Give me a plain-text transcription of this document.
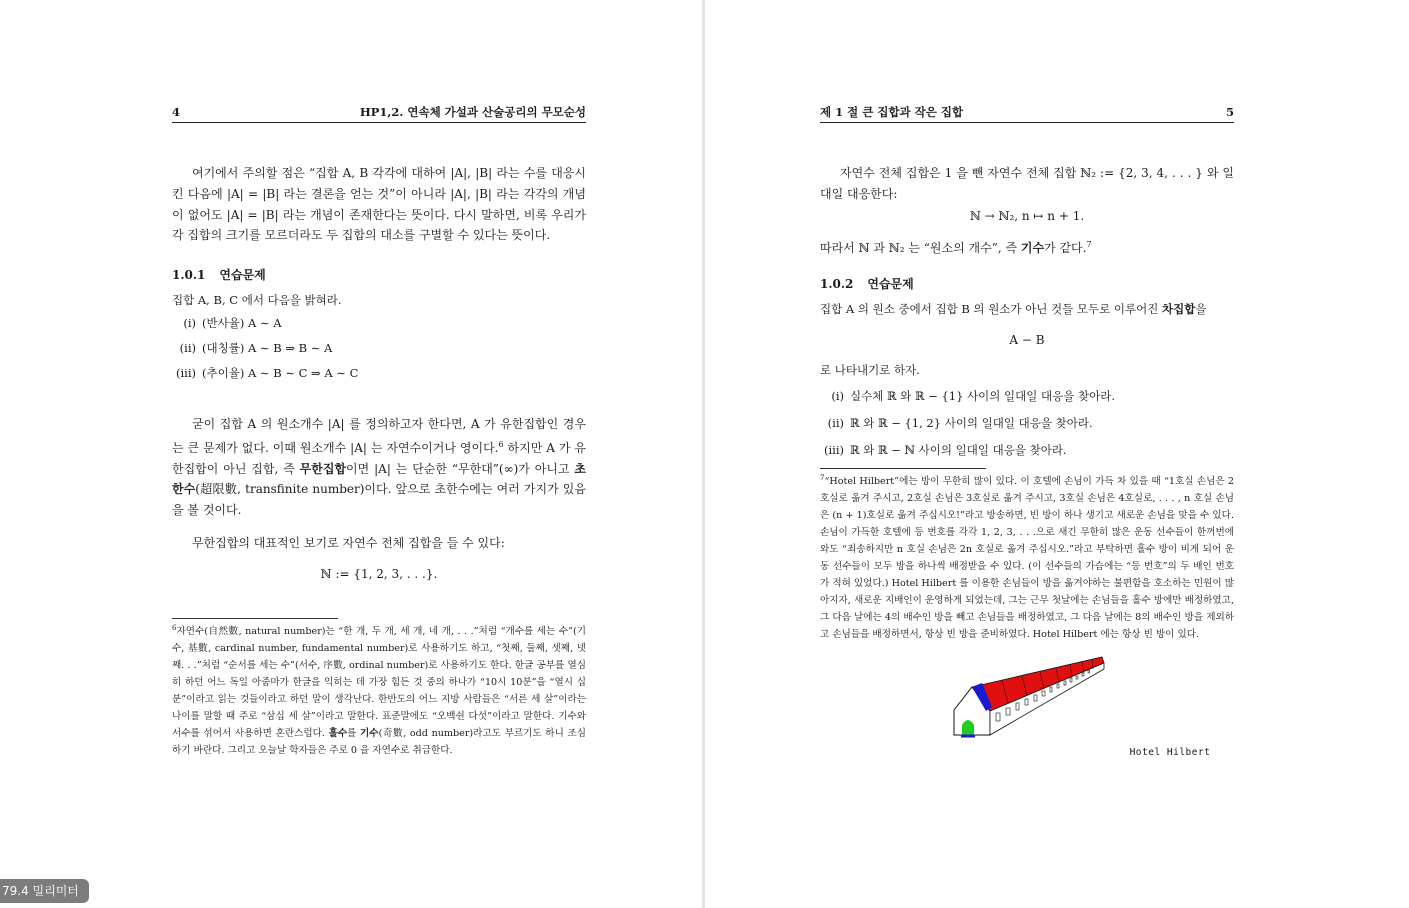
4	HP1,2. 연속체 가설과 산술공리의 무모순성

여기에서 주의할 점은 “집합 A, B 각각에 대하여 |A|, |B| 라는 수를 대응시킨 다음에 |A| = |B| 라는 결론을 얻는 것”이 아니라 |A|, |B| 라는 각각의 개념이 없어도 |A| = |B| 라는 개념이 존재한다는 뜻이다. 다시 말하면, 비록 우리가 각 집합의 크기를 모르더라도 두 집합의 대소를 구별할 수 있다는 뜻이다.

1.0.1 연습문제

집합 A, B, C 에서 다음을 밝혀라.

(i) (반사율) A ∼ A
(ii) (대칭률) A ∼ B ⇒ B ∼ A
(iii) (추이율) A ∼ B ∼ C ⇒ A ∼ C

굳이 집합 A 의 원소개수 |A| 를 정의하고자 한다면, A 가 유한집합인 경우는 큰 문제가 없다. 이때 원소개수 |A| 는 자연수이거나 영이다.$^6$ 하지만 A 가 유한집합이 아닌 집합, 즉 무한집합이면 |A| 는 단순한 “무한대”(∞)가 아니고 초한수(超限數, transfinite number)이다. 앞으로 초한수에는 여러 가지가 있음을 볼 것이다.

무한집합의 대표적인 보기로 자연수 전체 집합을 들 수 있다:

ℕ := {1, 2, 3, . . .}.

$^6$자연수(自然數, natural number)는 “한 개, 두 개, 세 개, 네 개, . . .”처럼 “개수를 세는 수”(기수, 基數, cardinal number, fundamental number)로 사용하기도 하고, “첫째, 둘째, 셋째, 넷째. . .”처럼 “순서를 세는 수”(서수, 序數, ordinal number)로 사용하기도 한다. 한글 공부를 열심히 하던 어느 독일 아줌마가 한글을 익히는 데 가장 힘든 것 중의 하나가 “10시 10분”을 “열시 십분”이라고 읽는 것들이라고 하던 말이 생각난다. 한반도의 어느 지방 사람들은 “서른 세 살”이라는 나이를 말할 때 주로 “삼십 세 살”이라고 말한다. 표준말에도 “오백쉰 다섯”이라고 말한다. 기수와 서수를 섞어서 사용하면 혼란스럽다. 홀수를 기수(奇數, odd number)라고도 부르기도 하니 조심하기 바란다. 그리고 오늘날 학자들은 주로 0 을 자연수로 취급한다.

제 1 절 큰 집합과 작은 집합	5

자연수 전체 집합은 1 을 뺀 자연수 전체 집합 ℕ₂ := {2, 3, 4, . . . } 와 일대일 대응한다:

ℕ → ℕ₂, n ↦ n + 1.

따라서 ℕ 과 ℕ₂ 는 “원소의 개수”, 즉 기수가 같다.$^7$

1.0.2 연습문제

집합 A 의 원소 중에서 집합 B 의 원소가 아닌 것들 모두로 이루어진 차집합을

A − B

로 나타내기로 하자.

(i) 실수체 ℝ 와 ℝ − {1} 사이의 일대일 대응을 찾아라.
(ii) ℝ 와 ℝ − {1, 2} 사이의 일대일 대응을 찾아라.
(iii) ℝ 와 ℝ − ℕ 사이의 일대일 대응을 찾아라.

$^7$“Hotel Hilbert”에는 방이 무한히 많이 있다. 이 호텔에 손님이 가득 차 있을 때 “1호실 손님은 2호실로 옮겨 주시고, 2호실 손님은 3호실로 옮겨 주시고, 3호실 손님은 4호실로, . . . , n 호실 손님은 (n + 1)호실로 옮겨 주십시오!”라고 방송하면, 빈 방이 하나 생기고 새로운 손님을 맞을 수 있다. 손님이 가득한 호텔에 등 번호를 각각 1, 2, 3, . . .으로 새긴 무한히 많은 운동 선수들이 한꺼번에 와도 “죄송하지만 n 호실 손님은 2n 호실로 옮겨 주십시오.”라고 부탁하면 홀수 방이 비게 되어 운동 선수들이 모두 방을 하나씩 배정받을 수 있다. (이 선수들의 가슴에는 “등 번호”의 두 배인 번호가 적혀 있었다.) Hotel Hilbert 를 이용한 손님들이 방을 옮겨야하는 불편함을 호소하는 민원이 많아지자, 새로운 지배인이 운영하게 되었는데, 그는 근무 첫날에는 손님들을 홀수 방에만 배정하였고, 그 다음 날에는 4의 배수인 방을 빼고 손님들을 배정하였고, 그 다음 날에는 8의 배수인 방을 제외하고 손님들을 배정하면서, 항상 빈 방을 준비하였다. Hotel Hilbert 에는 항상 빈 방이 있다.

Hotel Hilbert
79.4 밀리미터
